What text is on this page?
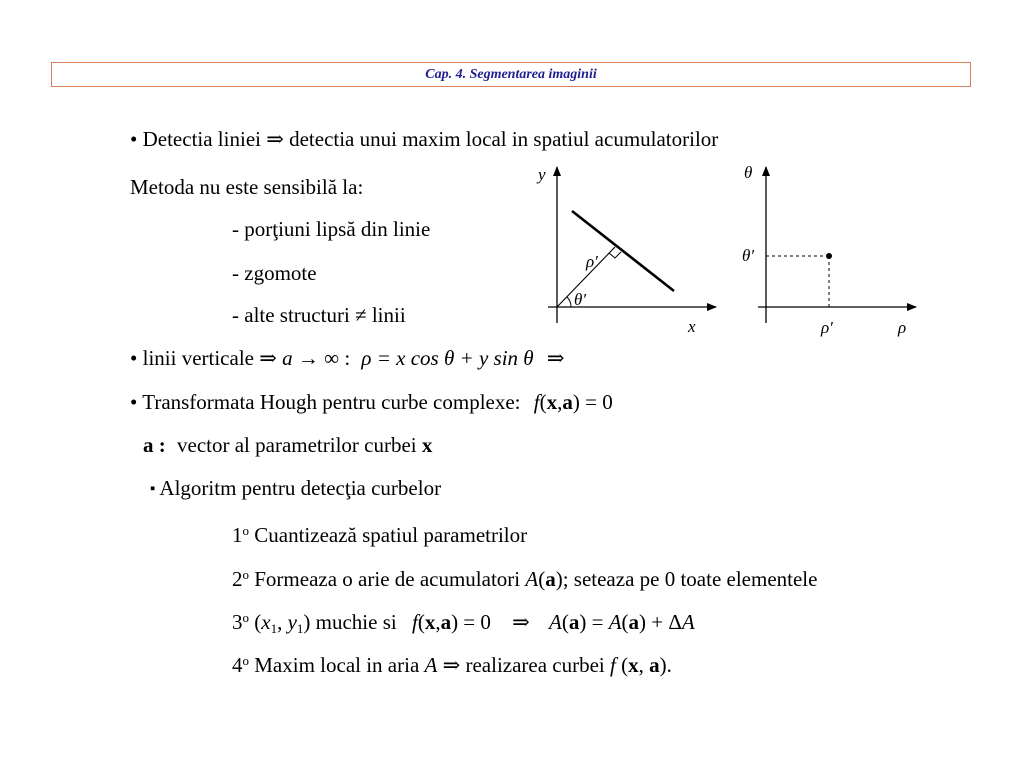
Cap. 4. Segmentarea imaginii
• Detectia liniei ⇒ detectia unui maxim local in spatiul acumulatorilor
Metoda nu este sensibilă la:
- porţiuni lipsă din linie
- zgomote
- alte structuri ≠ linii
• linii verticale ⇒ a → ∞ : ρ = x cos θ + y sin θ ⇒
• Transformata Hough pentru curbe complexe: f(x,a) = 0
a : vector al parametrilor curbei x
▪ Algoritm pentru detecţia curbelor
1$^o$ Cuantizează spatiul parametrilor
2$^o$ Formeaza o arie de acumulatori A(a); seteaza pe 0 toate elementele
3$^o$ ($x_1$, $y_1$) muchie si f(x,a) = 0 ⇒ A(a) = A(a) + ΔA
4$^o$ Maxim local in aria A ⇒ realizarea curbei f (x, a).
y
x
ρ′
θ′
θ
ρ
θ′
ρ′
